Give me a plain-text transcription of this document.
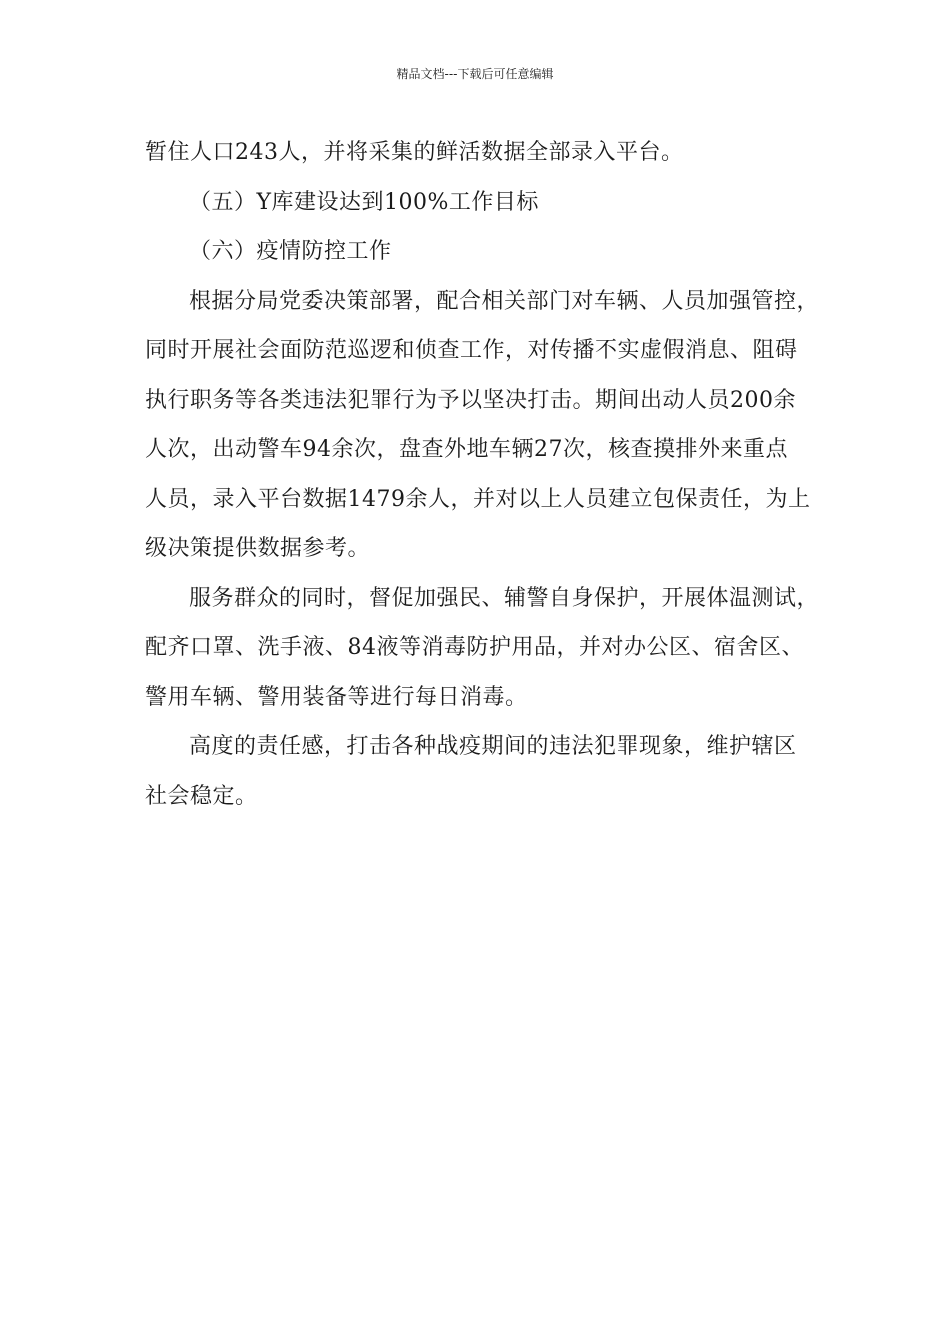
精品文档---下载后可任意编辑
暂住人口243人，并将采集的鲜活数据全部录入平台。
（五）Y库建设达到100%工作目标
（六）疫情防控工作
根据分局党委决策部署，配合相关部门对车辆、人员加强管控，
同时开展社会面防范巡逻和侦查工作，对传播不实虚假消息、阻碍
执行职务等各类违法犯罪行为予以坚决打击。期间出动人员200余
人次，出动警车94余次，盘查外地车辆27次，核查摸排外来重点
人员，录入平台数据1479余人，并对以上人员建立包保责任，为上
级决策提供数据参考。
服务群众的同时，督促加强民、辅警自身保护，开展体温测试，
配齐口罩、洗手液、84液等消毒防护用品，并对办公区、宿舍区、
警用车辆、警用装备等进行每日消毒。
高度的责任感，打击各种战疫期间的违法犯罪现象，维护辖区
社会稳定。
